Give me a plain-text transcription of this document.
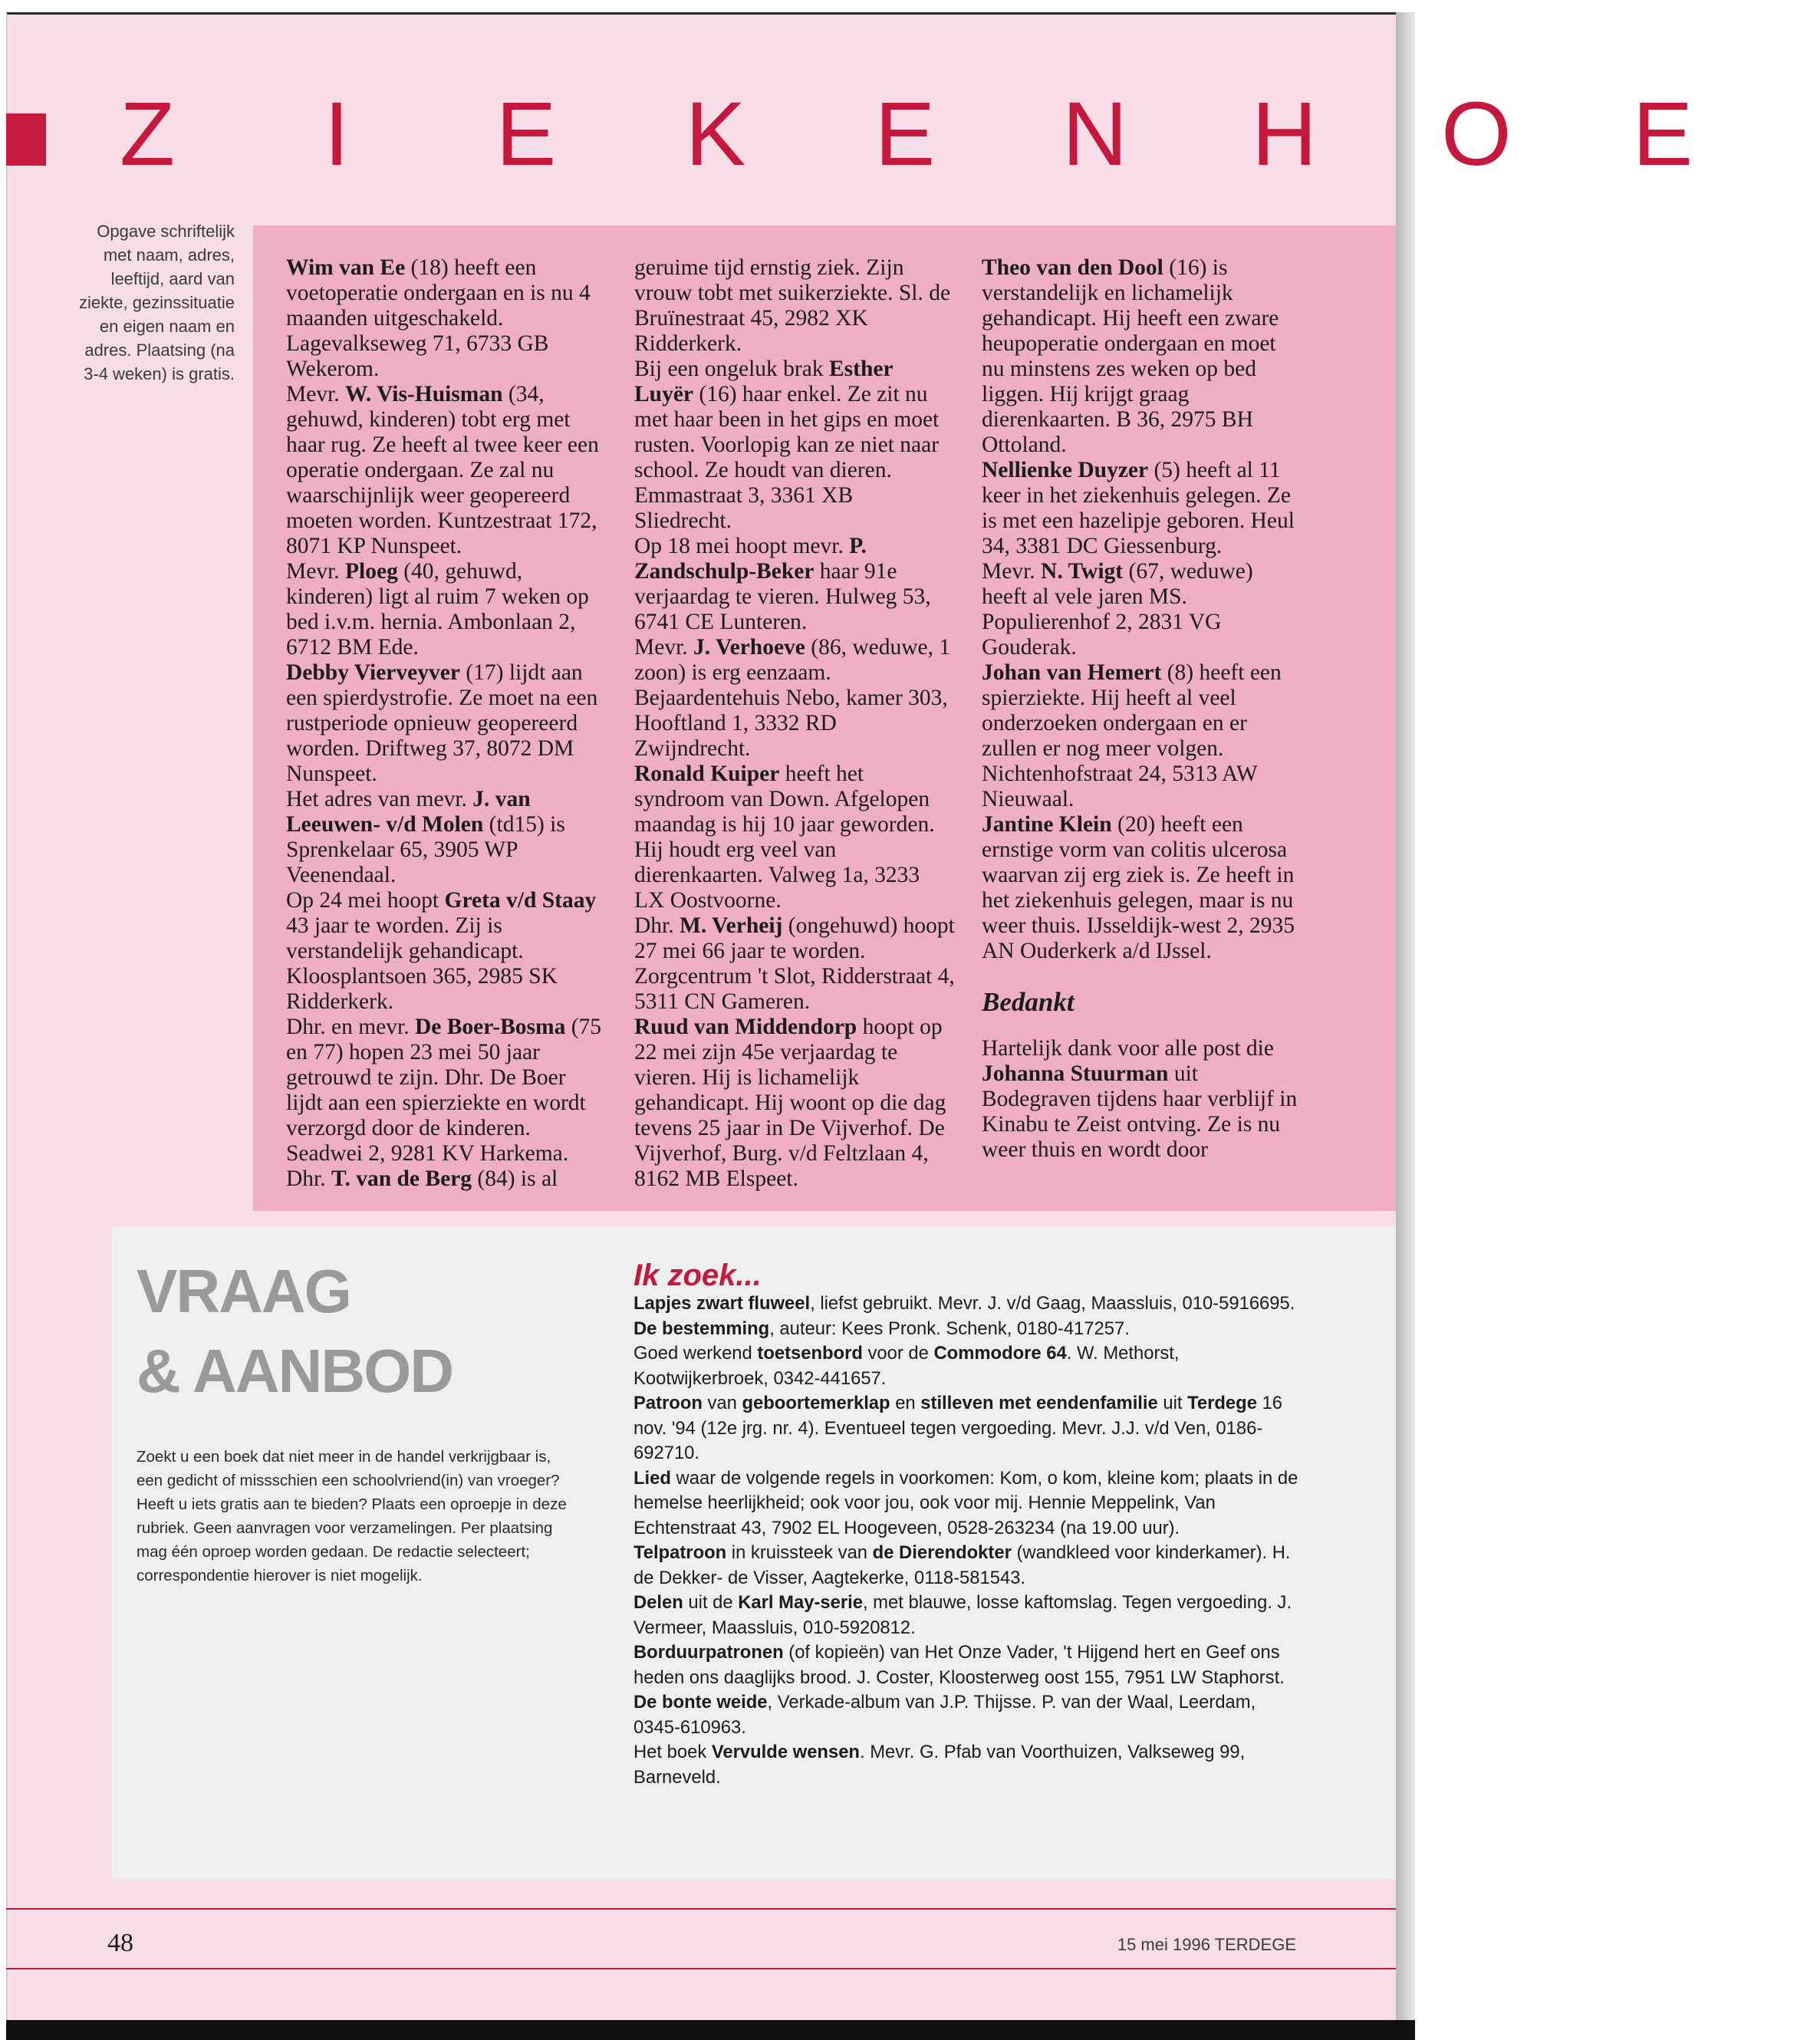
Z I E K E N H O E
Opgave schriftelijk met naam, adres, leeftijd, aard van ziekte, gezinssituatie en eigen naam en adres. Plaatsing (na 3-4 weken) is gratis.

Wim van Ee (18) heeft een voetoperatie ondergaan en is nu 4 maanden uitgeschakeld. Lagevalkseweg 71, 6733 GB Wekerom.

Mevr. W. Vis-Huisman (34, gehuwd, kinderen) tobt erg met haar rug. Ze heeft al twee keer een operatie ondergaan. Ze zal nu waarschijnlijk weer geopereerd moeten worden. Kuntzestraat 172, 8071 KP Nunspeet.

Mevr. Ploeg (40, gehuwd, kinderen) ligt al ruim 7 weken op bed i.v.m. hernia. Ambonlaan 2, 6712 BM Ede.

Debby Vierveyver (17) lijdt aan een spierdystrofie. Ze moet na een rustperiode opnieuw geopereerd worden. Driftweg 37, 8072 DM Nunspeet.

Het adres van mevr. J. van Leeuwen- v/d Molen (td15) is Sprenkelaar 65, 3905 WP Veenendaal.

Op 24 mei hoopt Greta v/d Staay 43 jaar te worden. Zij is verstandelijk gehandicapt. Kloosplantsoen 365, 2985 SK Ridderkerk.

Dhr. en mevr. De Boer-Bosma (75 en 77) hopen 23 mei 50 jaar getrouwd te zijn. Dhr. De Boer lijdt aan een spierziekte en wordt verzorgd door de kinderen. Seadwei 2, 9281 KV Harkema.

Dhr. T. van de Berg (84) is al

geruime tijd ernstig ziek. Zijn vrouw tobt met suikerziekte. Sl. de Bruïnestraat 45, 2982 XK Ridderkerk.

Bij een ongeluk brak Esther Luyër (16) haar enkel. Ze zit nu met haar been in het gips en moet rusten. Voorlopig kan ze niet naar school. Ze houdt van dieren. Emmastraat 3, 3361 XB Sliedrecht.

Op 18 mei hoopt mevr. P. Zandschulp-Beker haar 91e verjaardag te vieren. Hulweg 53, 6741 CE Lunteren.

Mevr. J. Verhoeve (86, weduwe, 1 zoon) is erg eenzaam. Bejaardentehuis Nebo, kamer 303, Hooftland 1, 3332 RD Zwijndrecht.

Ronald Kuiper heeft het syndroom van Down. Afgelopen maandag is hij 10 jaar geworden. Hij houdt erg veel van dierenkaarten. Valweg 1a, 3233 LX Oostvoorne.

Dhr. M. Verheij (ongehuwd) hoopt 27 mei 66 jaar te worden. Zorgcentrum 't Slot, Ridderstraat 4, 5311 CN Gameren.

Ruud van Middendorp hoopt op 22 mei zijn 45e verjaardag te vieren. Hij is lichamelijk gehandicapt. Hij woont op die dag tevens 25 jaar in De Vijverhof. De Vijverhof, Burg. v/d Feltzlaan 4, 8162 MB Elspeet.

Theo van den Dool (16) is verstandelijk en lichamelijk gehandicapt. Hij heeft een zware heupoperatie ondergaan en moet nu minstens zes weken op bed liggen. Hij krijgt graag dierenkaarten. B 36, 2975 BH Ottoland.

Nellienke Duyzer (5) heeft al 11 keer in het ziekenhuis gelegen. Ze is met een hazelipje geboren. Heul 34, 3381 DC Giessenburg.

Mevr. N. Twigt (67, weduwe) heeft al vele jaren MS. Populierenhof 2, 2831 VG Gouderak.

Johan van Hemert (8) heeft een spierziekte. Hij heeft al veel onderzoeken ondergaan en er zullen er nog meer volgen. Nichtenhofstraat 24, 5313 AW Nieuwaal.

Jantine Klein (20) heeft een ernstige vorm van colitis ulcerosa waarvan zij erg ziek is. Ze heeft in het ziekenhuis gelegen, maar is nu weer thuis. IJsseldijk-west 2, 2935 AN Ouderkerk a/d IJssel.

Bedankt

Hartelijk dank voor alle post die Johanna Stuurman uit Bodegraven tijdens haar verblijf in Kinabu te Zeist ontving. Ze is nu weer thuis en wordt door

VRAAG
& AANBOD

Zoekt u een boek dat niet meer in de handel verkrijgbaar is, een gedicht of missschien een schoolvriend(in) van vroeger? Heeft u iets gratis aan te bieden? Plaats een oproepje in deze rubriek. Geen aanvragen voor verzamelingen. Per plaatsing mag één oproep worden gedaan. De redactie selecteert; correspondentie hierover is niet mogelijk.

Ik zoek...

Lapjes zwart fluweel, liefst gebruikt. Mevr. J. v/d Gaag, Maassluis, 010-5916695.

De bestemming, auteur: Kees Pronk. Schenk, 0180-417257.

Goed werkend toetsenbord voor de Commodore 64. W. Methorst, Kootwijkerbroek, 0342-441657.

Patroon van geboortemerklap en stilleven met eendenfamilie uit Terdege 16 nov. '94 (12e jrg. nr. 4). Eventueel tegen vergoeding. Mevr. J.J. v/d Ven, 0186-692710.

Lied waar de volgende regels in voorkomen: Kom, o kom, kleine kom; plaats in de hemelse heerlijkheid; ook voor jou, ook voor mij. Hennie Meppelink, Van Echtenstraat 43, 7902 EL Hoogeveen, 0528-263234 (na 19.00 uur).

Telpatroon in kruissteek van de Dierendokter (wandkleed voor kinderkamer). H. de Dekker- de Visser, Aagtekerke, 0118-581543.

Delen uit de Karl May-serie, met blauwe, losse kaftomslag. Tegen vergoeding. J. Vermeer, Maassluis, 010-5920812.

Borduurpatronen (of kopieën) van Het Onze Vader, 't Hijgend hert en Geef ons heden ons daaglijks brood. J. Coster, Kloosterweg oost 155, 7951 LW Staphorst.

De bonte weide, Verkade-album van J.P. Thijsse. P. van der Waal, Leerdam, 0345-610963.

Het boek Vervulde wensen. Mevr. G. Pfab van Voorthuizen, Valkseweg 99, Barneveld.

48	15 mei 1996 TERDEGE
